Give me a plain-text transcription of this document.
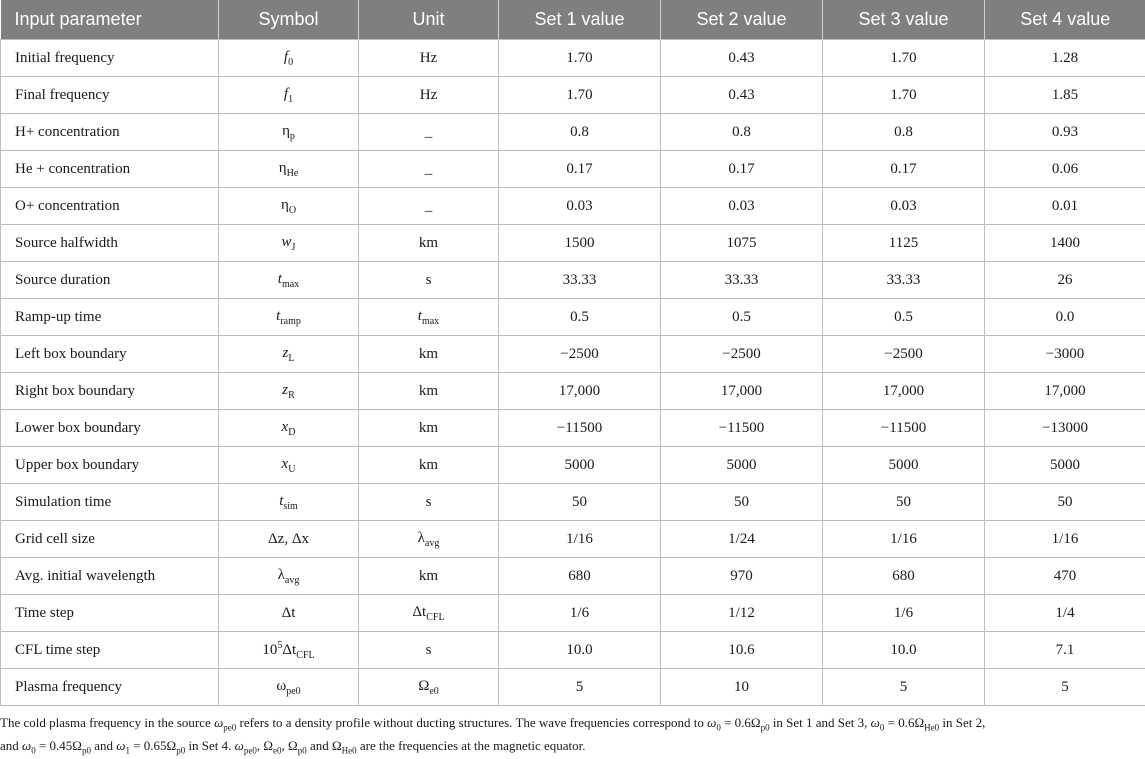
Input parameter	Symbol	Unit	Set 1 value	Set 2 value	Set 3 value	Set 4 value
Initial frequency	$f_0$	Hz	1.70	0.43	1.70	1.28
Final frequency	$f_1$	Hz	1.70	0.43	1.70	1.85
H+ concentration	$\eta_p$	_	0.8	0.8	0.8	0.93
He + concentration	$\eta_{He}$	_	0.17	0.17	0.17	0.06
O+ concentration	$\eta_O$	_	0.03	0.03	0.03	0.01
Source halfwidth	$w_J$	km	1500	1075	1125	1400
Source duration	$t_{max}$	s	33.33	33.33	33.33	26
Ramp-up time	$t_{ramp}$	$t_{max}$	0.5	0.5	0.5	0.0
Left box boundary	$z_L$	km	−2500	−2500	−2500	−3000
Right box boundary	$z_R$	km	17,000	17,000	17,000	17,000
Lower box boundary	$x_D$	km	−11500	−11500	−11500	−13000
Upper box boundary	$x_U$	km	5000	5000	5000	5000
Simulation time	$t_{sim}$	s	50	50	50	50
Grid cell size	Δz, Δx	$\lambda_{avg}$	1/16	1/24	1/16	1/16
Avg. initial wavelength	$\lambda_{avg}$	km	680	970	680	470
Time step	Δt	$\Delta t_{CFL}$	1/6	1/12	1/6	1/4
CFL time step	$10^5\Delta t_{CFL}$	s	10.0	10.6	10.0	7.1
Plasma frequency	$\omega_{pe0}$	$\Omega_{e0}$	5	10	5	5
The cold plasma frequency in the source $\omega_{pe0}$ refers to a density profile without ducting structures. The wave frequencies correspond to $\omega_0 = 0.6\Omega_{p0}$ in Set 1 and Set 3, $\omega_0 = 0.6\Omega_{He0}$ in Set 2,
and $\omega_0 = 0.45\Omega_{p0}$ and $\omega_1 = 0.65\Omega_{p0}$ in Set 4. $\omega_{pe0}$, $\Omega_{e0}$, $\Omega_{p0}$ and $\Omega_{He0}$ are the frequencies at the magnetic equator.
